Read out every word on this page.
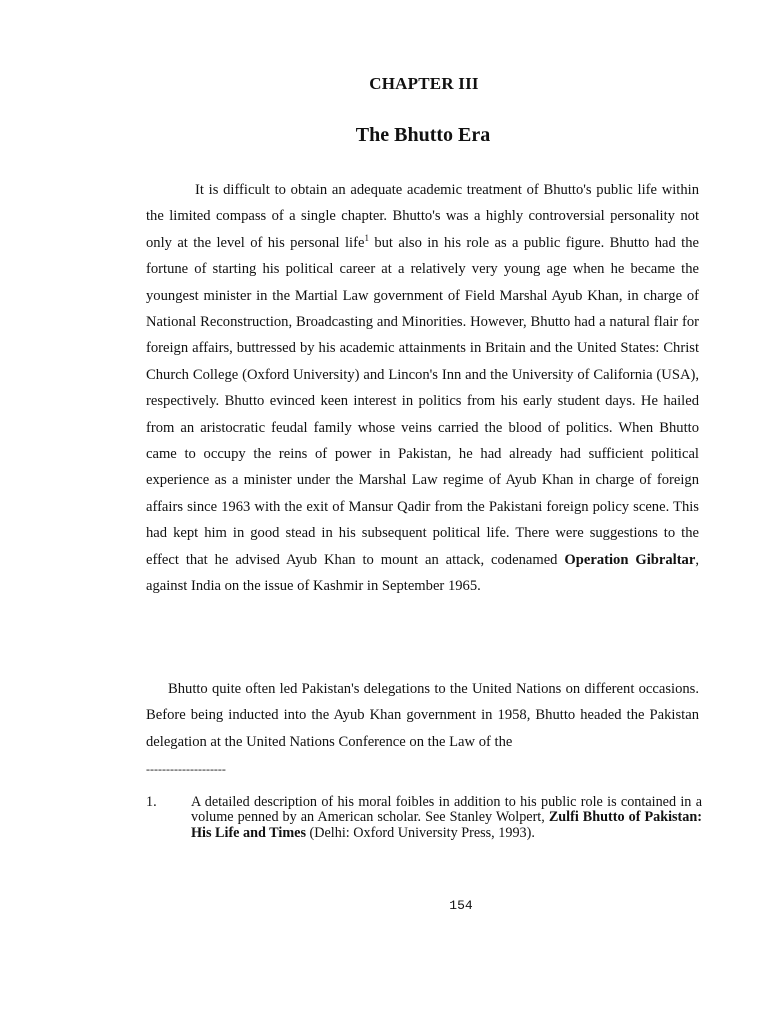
CHAPTER III
The Bhutto Era

It is difficult to obtain an adequate academic treatment of Bhutto's public life within the limited compass of a single chapter. Bhutto's was a highly controversial personality not only at the level of his personal life$^1$ but also in his role as a public figure. Bhutto had the fortune of starting his political career at a relatively very young age when he became the youngest minister in the Martial Law government of Field Marshal Ayub Khan, in charge of National Reconstruction, Broadcasting and Minorities. However, Bhutto had a natural flair for foreign affairs, buttressed by his academic attainments in Britain and the United States: Christ Church College (Oxford University) and Lincon's Inn and the University of California (USA), respectively. Bhutto evinced keen interest in politics from his early student days. He hailed from an aristocratic feudal family whose veins carried the blood of politics. When Bhutto came to occupy the reins of power in Pakistan, he had already had sufficient political experience as a minister under the Marshal Law regime of Ayub Khan in charge of foreign affairs since 1963 with the exit of Mansur Qadir from the Pakistani foreign policy scene. This had kept him in good stead in his subsequent political life. There were suggestions to the effect that he advised Ayub Khan to mount an attack, codenamed Operation Gibraltar, against India on the issue of Kashmir in September 1965.

Bhutto quite often led Pakistan's delegations to the United Nations on different occasions. Before being inducted into the Ayub Khan government in 1958, Bhutto headed the Pakistan delegation at the United Nations Conference on the Law of the

--------------------
1. A detailed description of his moral foibles in addition to his public role is contained in a volume penned by an American scholar. See Stanley Wolpert, Zulfi Bhutto of Pakistan: His Life and Times (Delhi: Oxford University Press, 1993).
154
